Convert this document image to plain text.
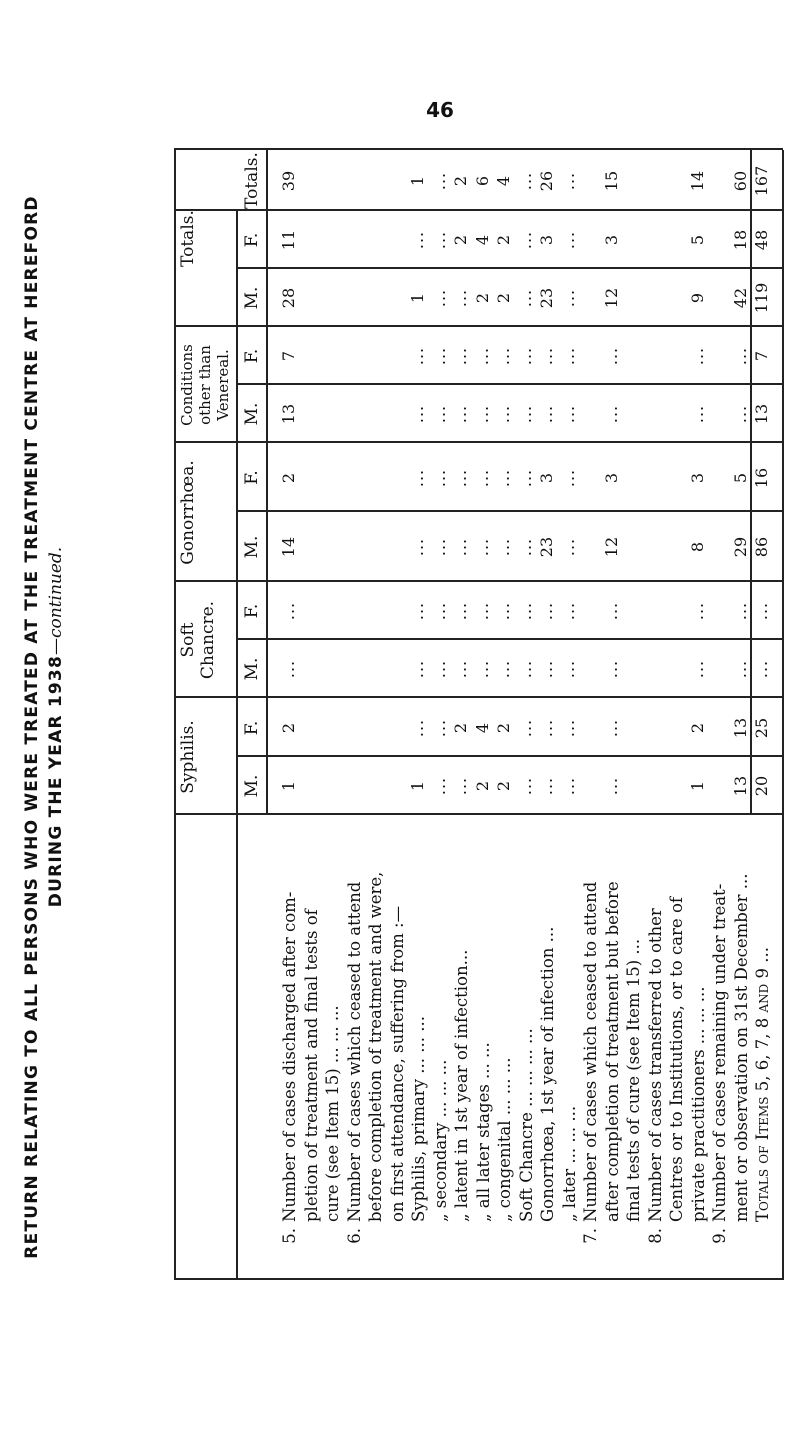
46
RETURN RELATING TO ALL PERSONS WHO WERE TREATED AT THE TREATMENT CENTRE AT HEREFORD DURING THE YEAR 1938—continued.
Syphilis.
Soft Chancre.
Gonorrhœa.
Conditions other than Venereal.
Totals.
M.
F.
M.
F.
M.
F.
M.
F.
M.
F.
Totals.
5.
Number of cases discharged after com-
1
2
...
...
14
2
13
7
28
11
39
pletion of treatment and final tests of cure (see Item 15) ... ... ...
6.
Number of cases which ceased to attend before completion of treatment and were, on first attendance, suffering from :— Syphilis, primary ... ... ...
1
...
...
...
...
...
...
...
1
...
1
„ secondary ... ... ...
...
...
...
...
...
...
...
...
...
...
...
„ latent in 1st year of infection...
...
2
...
...
...
...
...
...
...
2
2
„ all later stages ... ...
2
4
...
...
...
...
...
...
2
4
6
„ congenital ... ... ...
2
2
...
...
...
...
...
...
2
2
4
Soft Chancre ... ... ... ...
...
...
...
...
...
...
...
...
...
...
...
Gonorrhœa, 1st year of infection ...
...
...
...
...
23
3
...
...
23
3
26
„ later ... ... ...
...
...
...
...
...
...
...
...
...
...
...
7.
Number of cases which ceased to attend after completion of treatment but before
...
...
...
...
12
3
...
...
12
3
15
final tests of cure (see Item 15) ...
8.
Number of cases transferred to other Centres or to Institutions, or to care of private practitioners ... ... ...
1
2
...
...
8
3
...
...
9
5
14
9.
Number of cases remaining under treat- ment or observation on 31st December ...
13
13
...
...
29
5
...
...
42
18
60
Totals of Items 5, 6, 7, 8 and 9 ...
20
25
...
...
86
16
13
7
119
48
167
